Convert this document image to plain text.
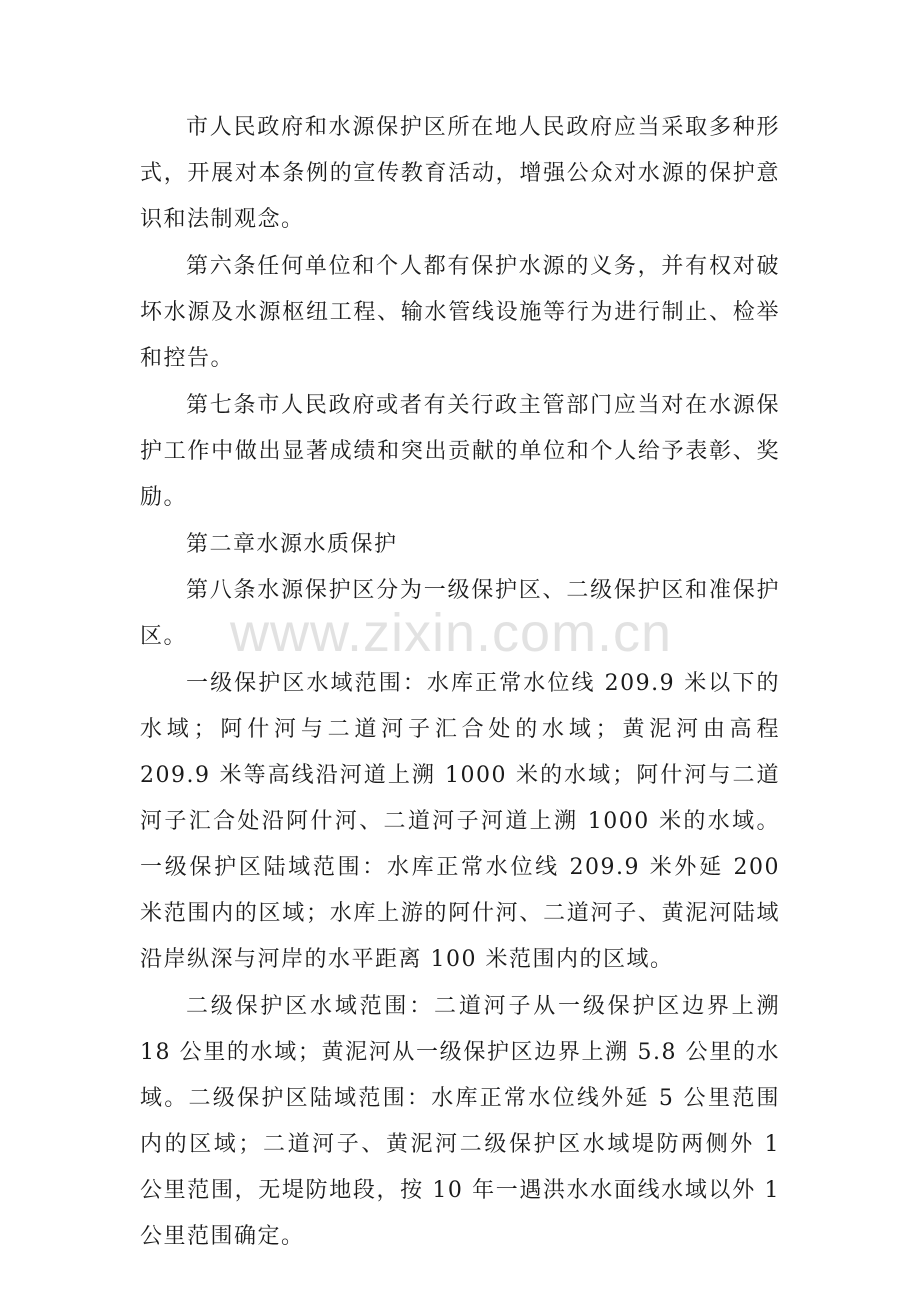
市人民政府和水源保护区所在地人民政府应当采取多种形式，开展对本条例的宣传教育活动，增强公众对水源的保护意识和法制观念。

第六条任何单位和个人都有保护水源的义务，并有权对破坏水源及水源枢纽工程、输水管线设施等行为进行制止、检举和控告。

第七条市人民政府或者有关行政主管部门应当对在水源保护工作中做出显著成绩和突出贡献的单位和个人给予表彰、奖励。

第二章水源水质保护

第八条水源保护区分为一级保护区、二级保护区和准保护区。

一级保护区水域范围：水库正常水位线 209.9 米以下的水域；阿什河与二道河子汇合处的水域；黄泥河由高程 209.9 米等高线沿河道上溯 1000 米的水域；阿什河与二道河子汇合处沿阿什河、二道河子河道上溯 1000 米的水域。一级保护区陆域范围：水库正常水位线 209.9 米外延 200 米范围内的区域；水库上游的阿什河、二道河子、黄泥河陆域沿岸纵深与河岸的水平距离 100 米范围内的区域。

二级保护区水域范围：二道河子从一级保护区边界上溯 18 公里的水域；黄泥河从一级保护区边界上溯 5.8 公里的水域。二级保护区陆域范围：水库正常水位线外延 5 公里范围内的区域；二道河子、黄泥河二级保护区水域堤防两侧外 1 公里范围，无堤防地段，按 10 年一遇洪水水面线水域以外 1 公里范围确定。

www.zixin.com.cn
